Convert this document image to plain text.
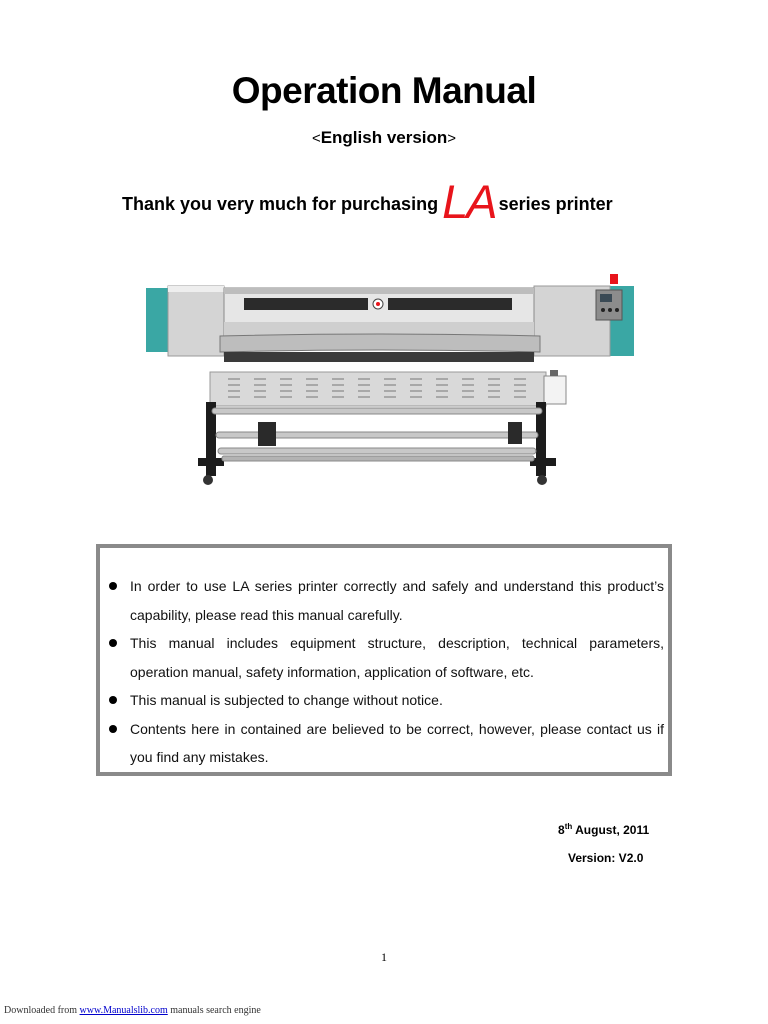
Operation Manual
<English version>
Thank you very much for purchasingLA series printer
In order to use LA series printer correctly and safely and understand this product’s capability, please read this manual carefully.
This manual includes equipment structure, description, technical parameters, operation manual, safety information, application of software, etc.
This manual is subjected to change without notice.
Contents here in contained are believed to be correct, however, please contact us if you find any mistakes.
8th August, 2011
Version: V2.0
1
Downloaded from www.Manualslib.com manuals search engine
